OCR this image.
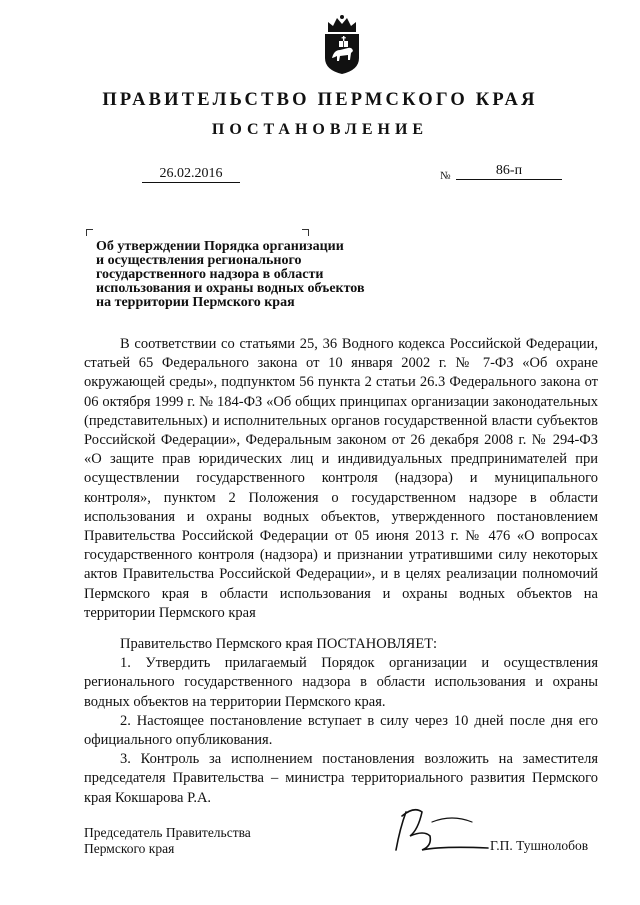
ПРАВИТЕЛЬСТВО ПЕРМСКОГО КРАЯ
ПОСТАНОВЛЕНИЕ
26.02.2016	№	86-п
Об утверждении Порядка организации
и осуществления регионального
государственного надзора в области
использования и охраны водных объектов
на территории Пермского края

В соответствии со статьями 25, 36 Водного кодекса Российской Федерации, статьей 65 Федерального закона от 10 января 2002 г. № 7-ФЗ «Об охране окружающей среды», подпунктом 56 пункта 2 статьи 26.3 Федерального закона от 06 октября 1999 г. № 184-ФЗ «Об общих принципах организации законодательных (представительных) и исполнительных органов государственной власти субъектов Российской Федерации», Федеральным законом от 26 декабря 2008 г. № 294-ФЗ «О защите прав юридических лиц и индивидуальных предпринимателей при осуществлении государственного контроля (надзора) и муниципального контроля», пунктом 2 Положения о государственном надзоре в области использования и охраны водных объектов, утвержденного постановлением Правительства Российской Федерации от 05 июня 2013 г. № 476 «О вопросах государственного контроля (надзора) и признании утратившими силу некоторых актов Правительства Российской Федерации», и в целях реализации полномочий Пермского края в области использования и охраны водных объектов на территории Пермского края

Правительство Пермского края ПОСТАНОВЛЯЕТ:

1. Утвердить прилагаемый Порядок организации и осуществления регионального государственного надзора в области использования и охраны водных объектов на территории Пермского края.

2. Настоящее постановление вступает в силу через 10 дней после дня его официального опубликования.

3. Контроль за исполнением постановления возложить на заместителя председателя Правительства – министра территориального развития Пермского края Кокшарова Р.А.

Председатель Правительства
Пермского края	Г.П. Тушнолобов
